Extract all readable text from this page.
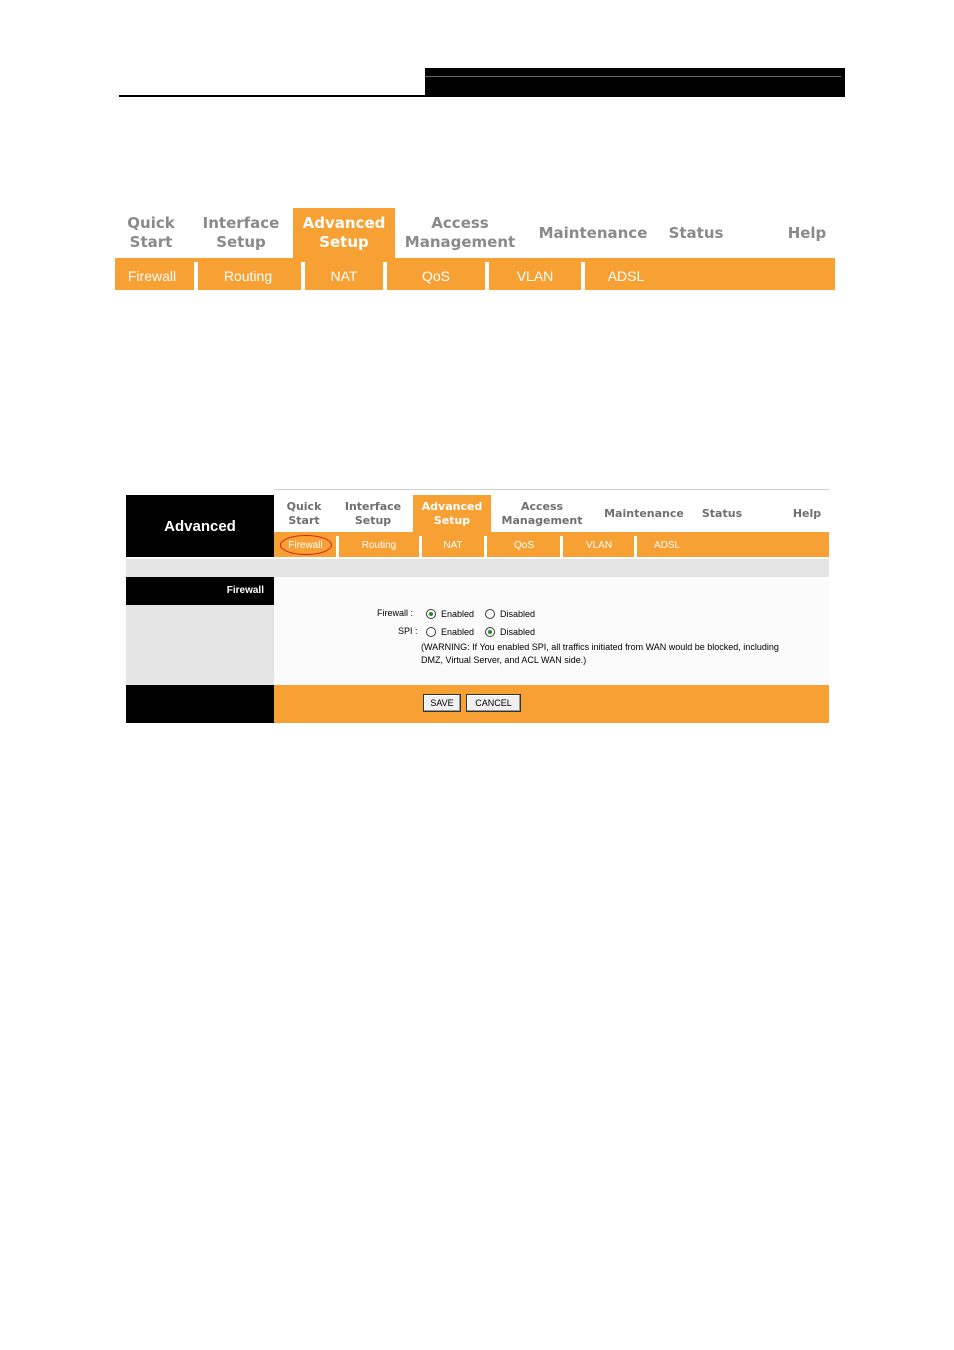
Quick
Start
Interface
Setup
Advanced
Setup
Access
Management
Maintenance	Status	Help
Firewall	Routing	NAT	QoS	VLAN	ADSL
Advanced
Quick
Start
Interface
Setup
Advanced
Setup
Access
Management
Maintenance	Status	Help
Firewall	Routing	NAT	QoS	VLAN	ADSL
Firewall
Firewall :	Enabled	Disabled
SPI :	Enabled	Disabled
(WARNING: If You enabled SPI, all traffics initiated from WAN would be blocked, including
DMZ, Virtual Server, and ACL WAN side.)
SAVE	CANCEL
